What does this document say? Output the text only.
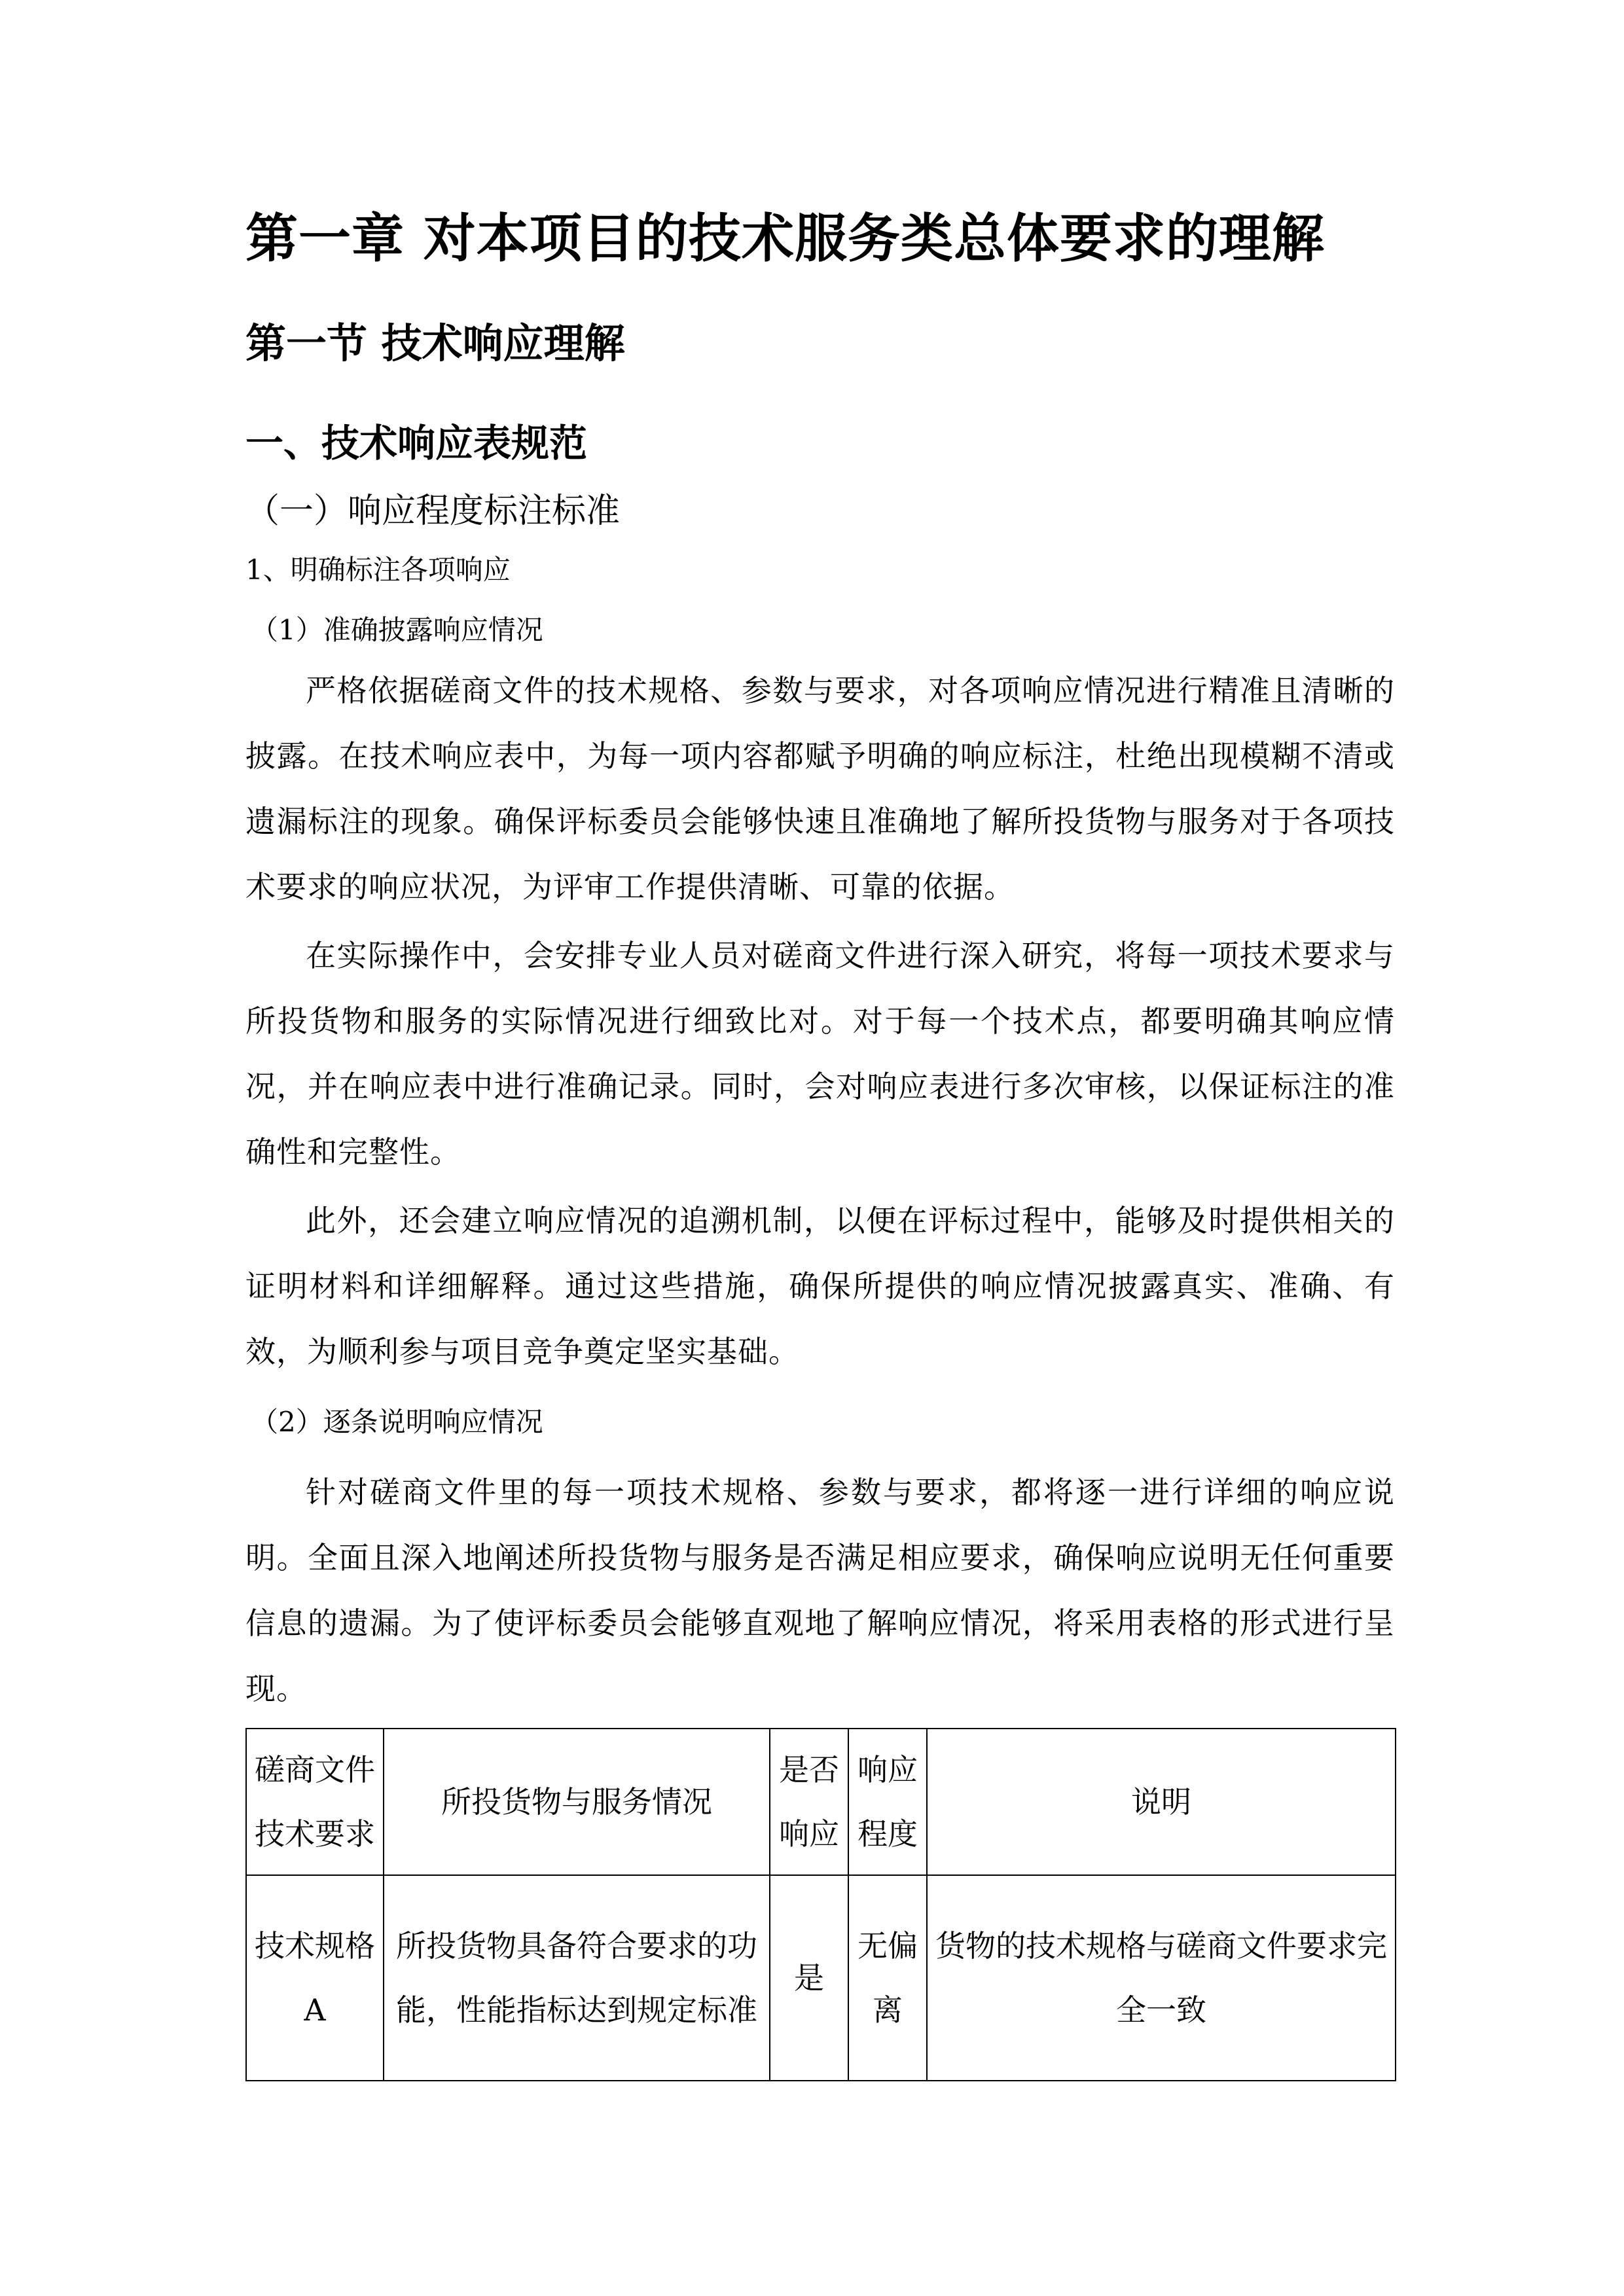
第一章 对本项目的技术服务类总体要求的理解
第一节 技术响应理解
一、技术响应表规范
（一）响应程度标注标准
1、明确标注各项响应
（1）准确披露响应情况

严格依据磋商文件的技术规格、参数与要求，对各项响应情况进行精准且清晰的披露。在技术响应表中，为每一项内容都赋予明确的响应标注，杜绝出现模糊不清或遗漏标注的现象。确保评标委员会能够快速且准确地了解所投货物与服务对于各项技术要求的响应状况，为评审工作提供清晰、可靠的依据。

在实际操作中，会安排专业人员对磋商文件进行深入研究，将每一项技术要求与所投货物和服务的实际情况进行细致比对。对于每一个技术点，都要明确其响应情况，并在响应表中进行准确记录。同时，会对响应表进行多次审核，以保证标注的准确性和完整性。

此外，还会建立响应情况的追溯机制，以便在评标过程中，能够及时提供相关的证明材料和详细解释。通过这些措施，确保所提供的响应情况披露真实、准确、有效，为顺利参与项目竞争奠定坚实基础。

（2）逐条说明响应情况

针对磋商文件里的每一项技术规格、参数与要求，都将逐一进行详细的响应说明。全面且深入地阐述所投货物与服务是否满足相应要求，确保响应说明无任何重要信息的遗漏。为了使评标委员会能够直观地了解响应情况，将采用表格的形式进行呈现。

磋商文件技术要求	所投货物与服务情况	是否响应	响应程度	说明
技术规格A	所投货物具备符合要求的功能，性能指标达到规定标准	是	无偏离	货物的技术规格与磋商文件要求完全一致
